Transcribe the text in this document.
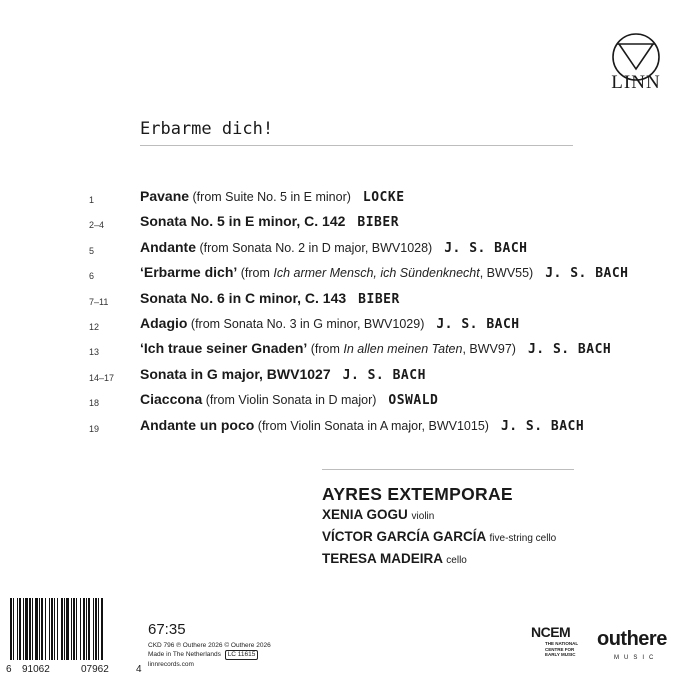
LINN
Erbarme dich!
1	Pavane (from Suite No. 5 in E minor) LOCKE
2–4	Sonata No. 5 in E minor, C. 142 BIBER
5	Andante (from Sonata No. 2 in D major, BWV1028) J. S. BACH
6	‘Erbarme dich’ (from Ich armer Mensch, ich Sündenknecht, BWV55) J. S. BACH
7–11 Sonata No. 6 in C minor, C. 143 BIBER
12	Adagio (from Sonata No. 3 in G minor, BWV1029) J. S. BACH
13	‘Ich traue seiner Gnaden’ (from In allen meinen Taten, BWV97) J. S. BACH
14–17 Sonata in G major, BWV1027 J. S. BACH
18	Ciaccona (from Violin Sonata in D major) OSWALD
19	Andante un poco (from Violin Sonata in A major, BWV1015) J. S. BACH
AYRES EXTEMPORAE
XENIA GOGU violin
VÍCTOR GARCÍA GARCÍA five-string cello
TERESA MADEIRA cello
6 91062	07962	4
67:35
CKD 796 ℗ Outhere 2026 © Outhere 2026
Made in The Netherlands LC 11615
linnrecords.com
NCEM
THE NATIONAL
CENTRE FOR
EARLY MUSIC
outhere
MUSIC
